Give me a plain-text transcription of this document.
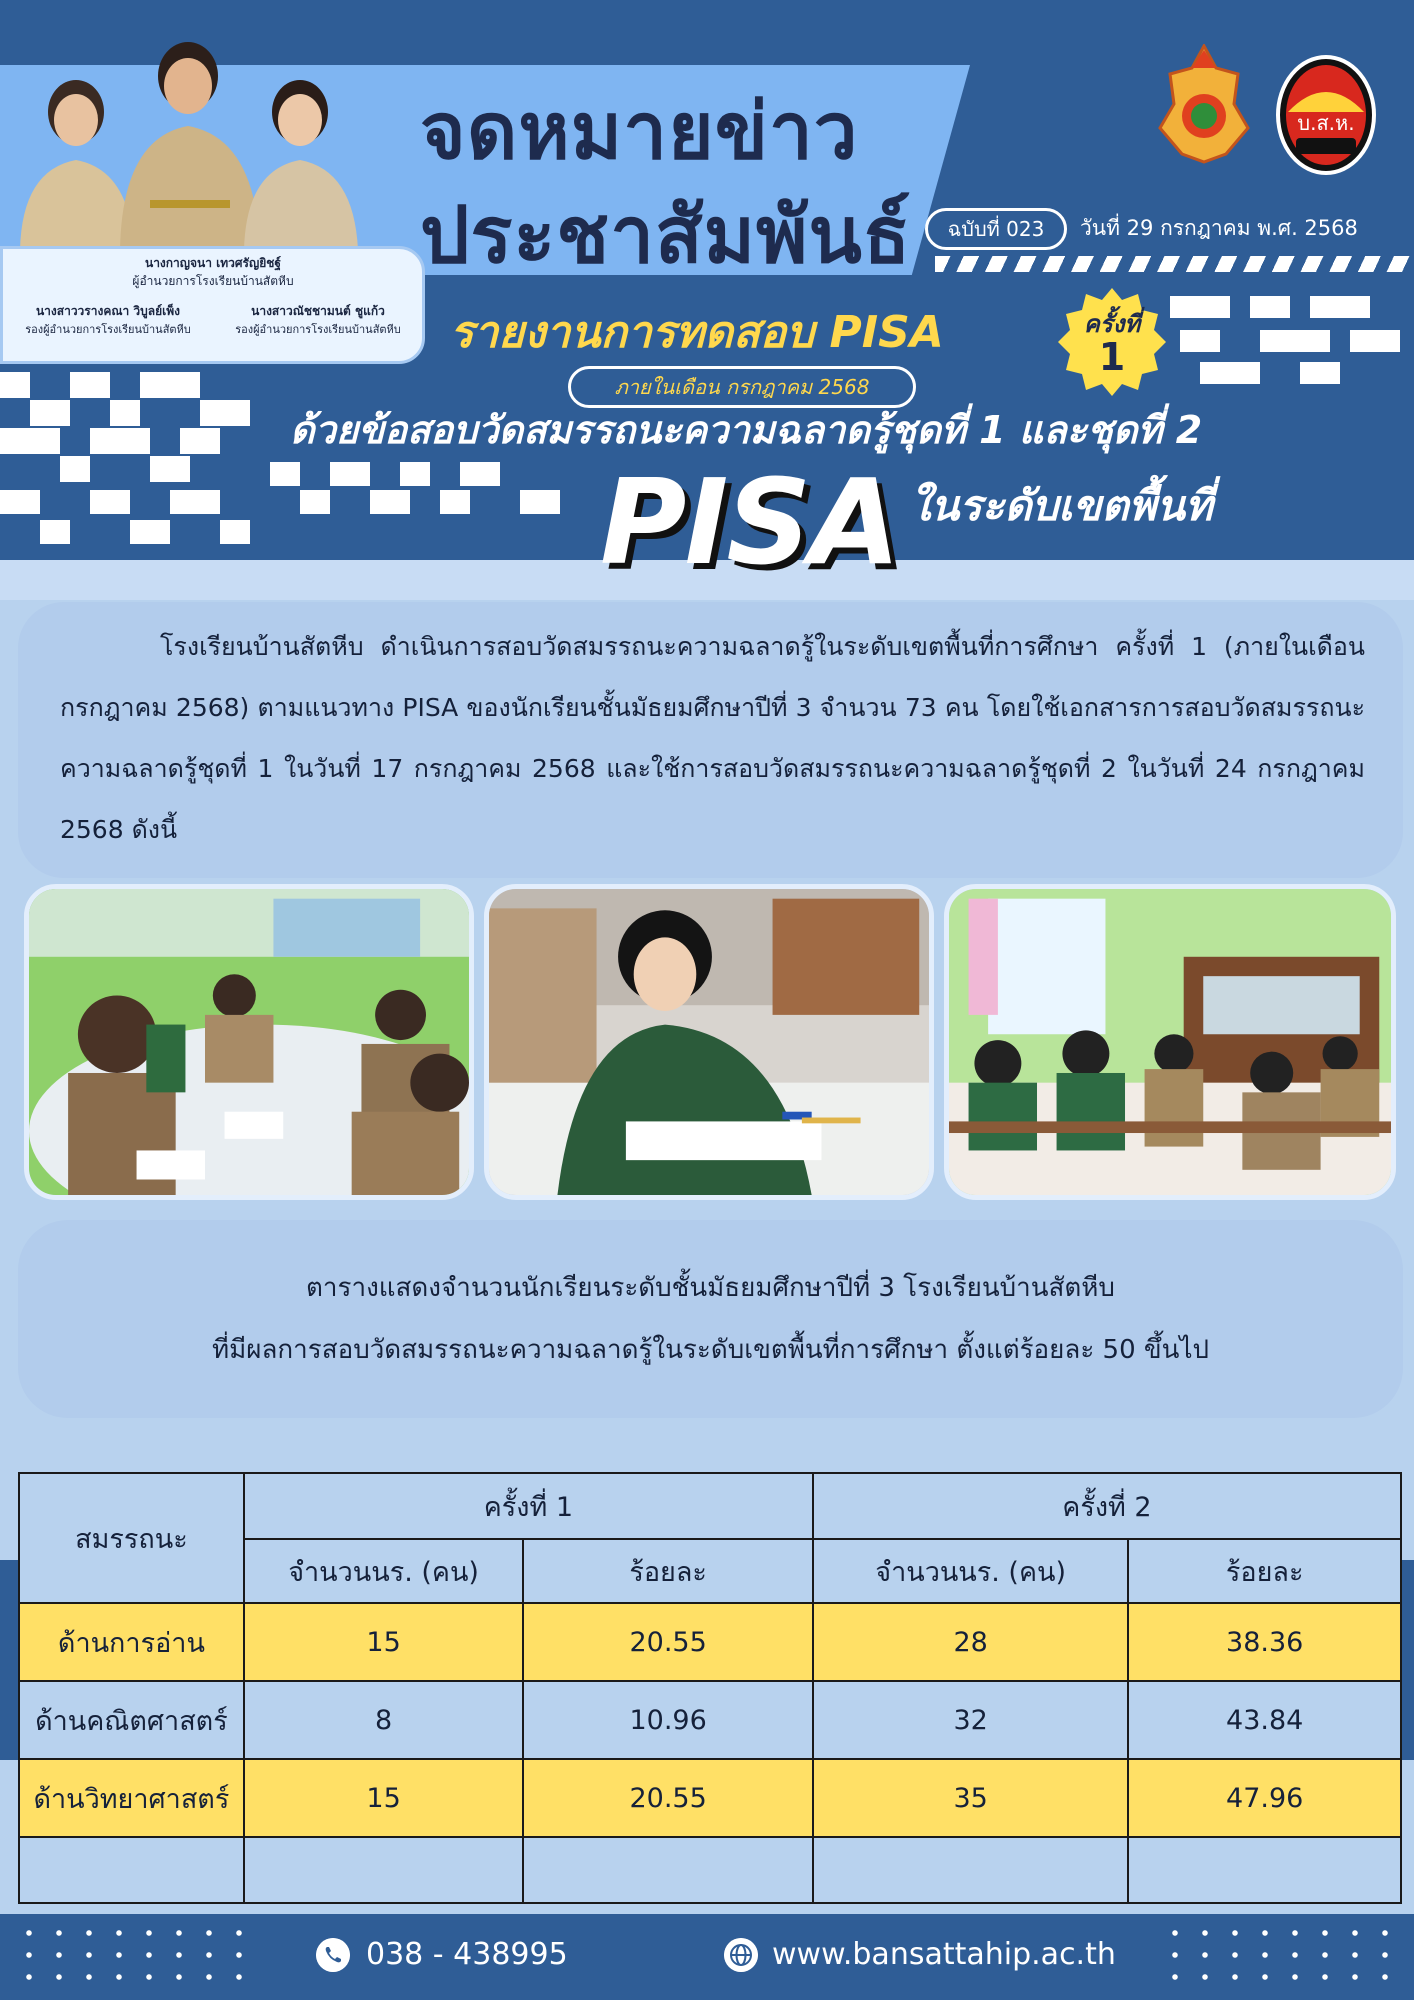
นางกาญจนา เทวศรัญยิชฐ์
ผู้อำนวยการโรงเรียนบ้านสัตหีบ
นางสาววรางคณา วิบูลย์เพ็ง
รองผู้อำนวยการโรงเรียนบ้านสัตหีบ
นางสาวณัชชามนต์ ชูแก้ว
รองผู้อำนวยการโรงเรียนบ้านสัตหีบ
จดหมายข่าว
ประชาสัมพันธ์
บ.ส.ห.
ฉบับที่ 023	วันที่ 29 กรกฎาคม พ.ศ. 2568
รายงานการทดสอบ PISA	ครั้งที่
1
ภายในเดือน กรกฎาคม 2568
ด้วยข้อสอบวัดสมรรถนะความฉลาดรู้ชุดที่ 1 และชุดที่ 2
PISA ในระดับเขตพื้นที่
โรงเรียนบ้านสัตหีบ ดำเนินการสอบวัดสมรรถนะความฉลาดรู้ในระดับเขตพื้นที่การศึกษา ครั้งที่ 1 (ภายในเดือนกรกฎาคม 2568) ตามแนวทาง PISA ของนักเรียนชั้นมัธยมศึกษาปีที่ 3 จำนวน 73 คน โดยใช้เอกสารการสอบวัดสมรรถนะความฉลาดรู้ชุดที่ 1 ในวันที่ 17 กรกฎาคม 2568 และใช้การสอบวัดสมรรถนะความฉลาดรู้ชุดที่ 2 ในวันที่ 24 กรกฎาคม 2568 ดังนี้
ตารางแสดงจำนวนนักเรียนระดับชั้นมัธยมศึกษาปีที่ 3 โรงเรียนบ้านสัตหีบ
ที่มีผลการสอบวัดสมรรถนะความฉลาดรู้ในระดับเขตพื้นที่การศึกษา ตั้งแต่ร้อยละ 50 ขึ้นไป
สมรรถนะ	ครั้งที่ 1		ครั้งที่ 2	
	จำนวนนร. (คน)	ร้อยละ	จำนวนนร. (คน)	ร้อยละ
ด้านการอ่าน	15	20.55	28	38.36
ด้านคณิตศาสตร์	8	10.96	32	43.84
ด้านวิทยาศาสตร์	15	20.55	35	47.96

038 - 438995	www.bansattahip.ac.th
